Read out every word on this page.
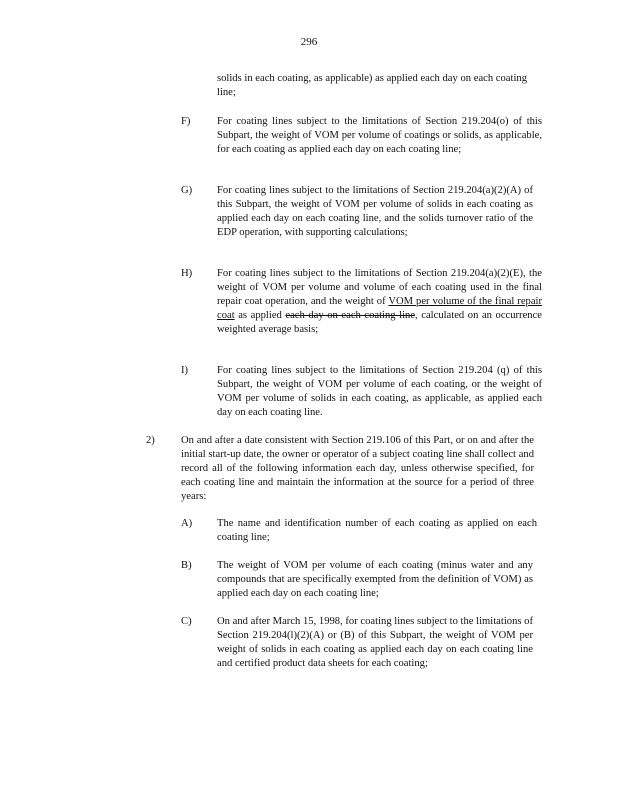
296
solids in each coating, as applicable) as applied each day on each coating line;
F)	For coating lines subject to the limitations of Section 219.204(o) of this Subpart, the weight of VOM per volume of coatings or solids, as applicable, for each coating as applied each day on each coating line;
G) For coating lines subject to the limitations of Section 219.204(a)(2)(A) of this Subpart, the weight of VOM per volume of solids in each coating as applied each day on each coating line, and the solids turnover ratio of the EDP operation, with supporting calculations;
H) For coating lines subject to the limitations of Section 219.204(a)(2)(E), the weight of VOM per volume and volume of each coating used in the final repair coat operation, and the weight of VOM per volume of the final repair coat as applied each day on each coating line, calculated on an occurrence weighted average basis;
I)	For coating lines subject to the limitations of Section 219.204 (q) of this Subpart, the weight of VOM per volume of each coating, or the weight of VOM per volume of solids in each coating, as applicable, as applied each day on each coating line.
2) On and after a date consistent with Section 219.106 of this Part, or on and after the initial start-up date, the owner or operator of a subject coating line shall collect and record all of the following information each day, unless otherwise specified, for each coating line and maintain the information at the source for a period of three years:
A) The name and identification number of each coating as applied on each coating line;
B) The weight of VOM per volume of each coating (minus water and any compounds that are specifically exempted from the definition of VOM) as applied each day on each coating line;
C) On and after March 15, 1998, for coating lines subject to the limitations of Section 219.204(l)(2)(A) or (B) of this Subpart, the weight of VOM per weight of solids in each coating as applied each day on each coating line and certified product data sheets for each coating;
